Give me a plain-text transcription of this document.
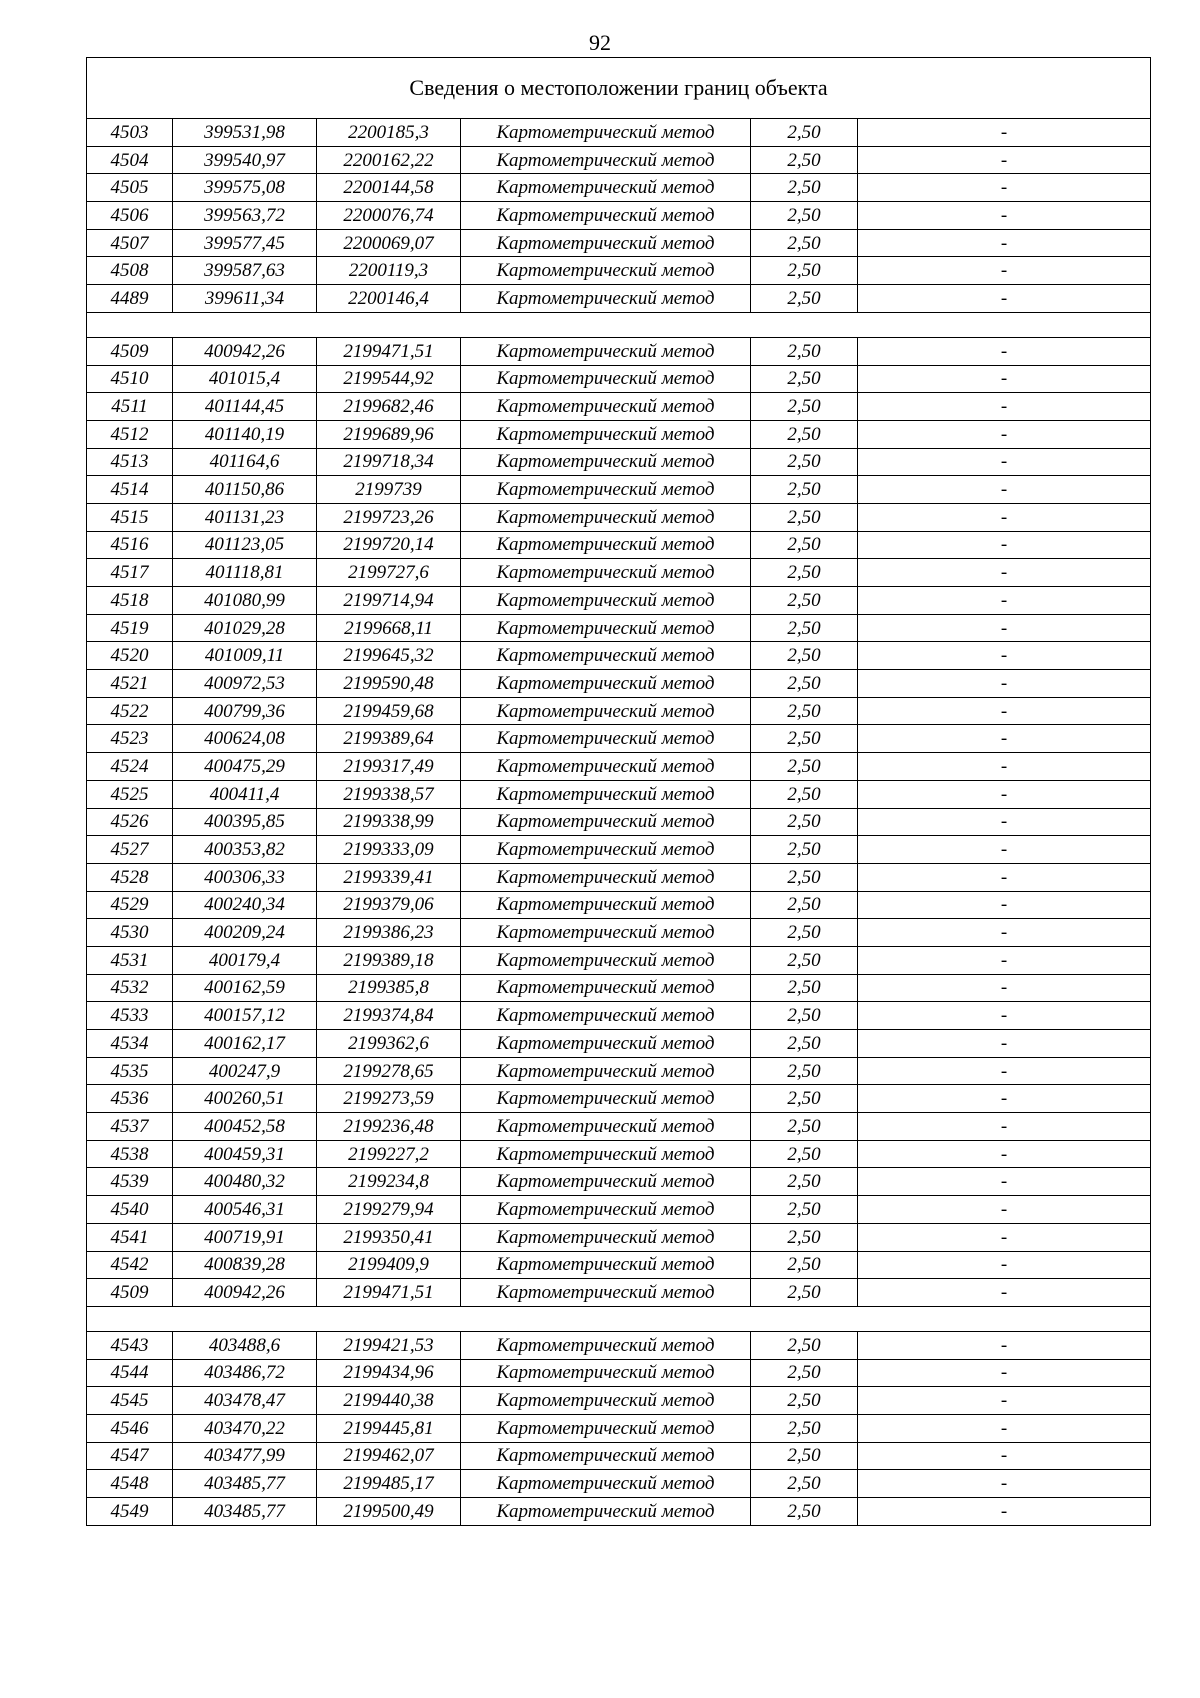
92
Сведения о местоположении границ объекта					
4503	399531,98	2200185,3	Картометрический метод	2,50	-
4504	399540,97	2200162,22	Картометрический метод	2,50	-
4505	399575,08	2200144,58	Картометрический метод	2,50	-
4506	399563,72	2200076,74	Картометрический метод	2,50	-
4507	399577,45	2200069,07	Картометрический метод	2,50	-
4508	399587,63	2200119,3	Картометрический метод	2,50	-
4489	399611,34	2200146,4	Картометрический метод	2,50	-

4509	400942,26	2199471,51	Картометрический метод	2,50	-
4510	401015,4	2199544,92	Картометрический метод	2,50	-
4511	401144,45	2199682,46	Картометрический метод	2,50	-
4512	401140,19	2199689,96	Картометрический метод	2,50	-
4513	401164,6	2199718,34	Картометрический метод	2,50	-
4514	401150,86	2199739	Картометрический метод	2,50	-
4515	401131,23	2199723,26	Картометрический метод	2,50	-
4516	401123,05	2199720,14	Картометрический метод	2,50	-
4517	401118,81	2199727,6	Картометрический метод	2,50	-
4518	401080,99	2199714,94	Картометрический метод	2,50	-
4519	401029,28	2199668,11	Картометрический метод	2,50	-
4520	401009,11	2199645,32	Картометрический метод	2,50	-
4521	400972,53	2199590,48	Картометрический метод	2,50	-
4522	400799,36	2199459,68	Картометрический метод	2,50	-
4523	400624,08	2199389,64	Картометрический метод	2,50	-
4524	400475,29	2199317,49	Картометрический метод	2,50	-
4525	400411,4	2199338,57	Картометрический метод	2,50	-
4526	400395,85	2199338,99	Картометрический метод	2,50	-
4527	400353,82	2199333,09	Картометрический метод	2,50	-
4528	400306,33	2199339,41	Картометрический метод	2,50	-
4529	400240,34	2199379,06	Картометрический метод	2,50	-
4530	400209,24	2199386,23	Картометрический метод	2,50	-
4531	400179,4	2199389,18	Картометрический метод	2,50	-
4532	400162,59	2199385,8	Картометрический метод	2,50	-
4533	400157,12	2199374,84	Картометрический метод	2,50	-
4534	400162,17	2199362,6	Картометрический метод	2,50	-
4535	400247,9	2199278,65	Картометрический метод	2,50	-
4536	400260,51	2199273,59	Картометрический метод	2,50	-
4537	400452,58	2199236,48	Картометрический метод	2,50	-
4538	400459,31	2199227,2	Картометрический метод	2,50	-
4539	400480,32	2199234,8	Картометрический метод	2,50	-
4540	400546,31	2199279,94	Картометрический метод	2,50	-
4541	400719,91	2199350,41	Картометрический метод	2,50	-
4542	400839,28	2199409,9	Картометрический метод	2,50	-
4509	400942,26	2199471,51	Картометрический метод	2,50	-

4543	403488,6	2199421,53	Картометрический метод	2,50	-
4544	403486,72	2199434,96	Картометрический метод	2,50	-
4545	403478,47	2199440,38	Картометрический метод	2,50	-
4546	403470,22	2199445,81	Картометрический метод	2,50	-
4547	403477,99	2199462,07	Картометрический метод	2,50	-
4548	403485,77	2199485,17	Картометрический метод	2,50	-
4549	403485,77	2199500,49	Картометрический метод	2,50	-
